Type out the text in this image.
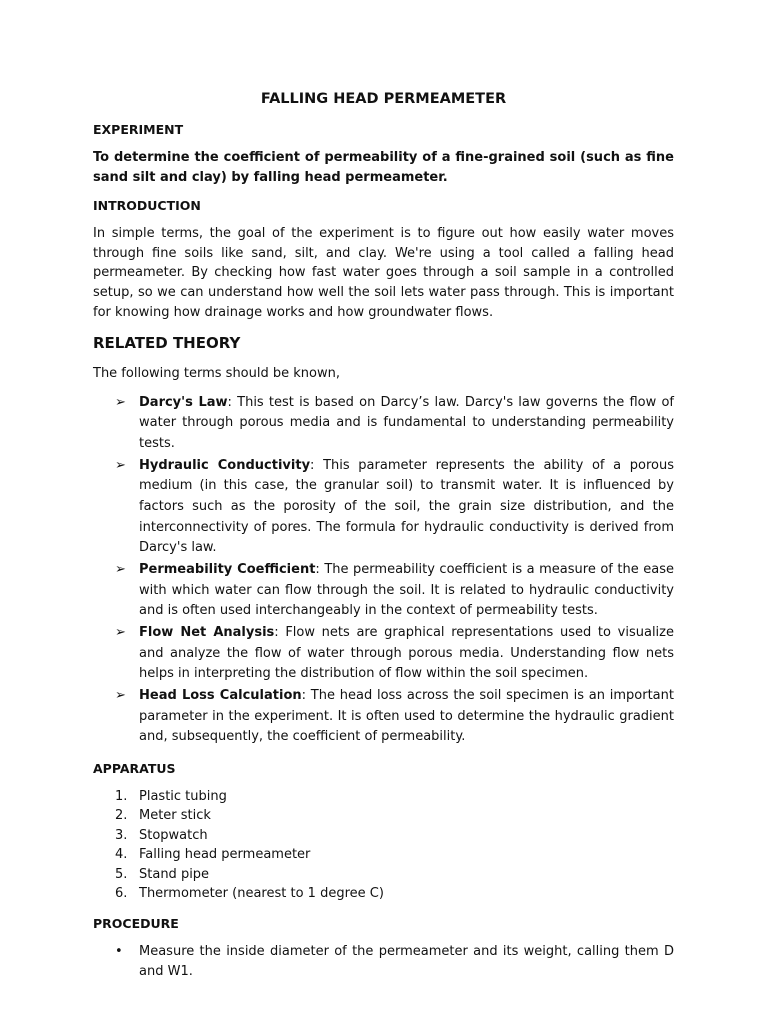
FALLING HEAD PERMEAMETER
EXPERIMENT

To determine the coefficient of permeability of a fine-grained soil (such as fine sand silt and clay) by falling head permeameter.

INTRODUCTION

In simple terms, the goal of the experiment is to figure out how easily water moves through fine soils like sand, silt, and clay. We're using a tool called a falling head permeameter. By checking how fast water goes through a soil sample in a controlled setup, so we can understand how well the soil lets water pass through. This is important for knowing how drainage works and how groundwater flows.

RELATED THEORY

The following terms should be known,

➢ Darcy's Law: This test is based on Darcy’s law. Darcy's law governs the flow of water through porous media and is fundamental to understanding permeability tests.
➢ Hydraulic Conductivity: This parameter represents the ability of a porous medium (in this case, the granular soil) to transmit water. It is influenced by factors such as the porosity of the soil, the grain size distribution, and the interconnectivity of pores. The formula for hydraulic conductivity is derived from Darcy's law.
➢ Permeability Coefficient: The permeability coefficient is a measure of the ease with which water can flow through the soil. It is related to hydraulic conductivity and is often used interchangeably in the context of permeability tests.
➢ Flow Net Analysis: Flow nets are graphical representations used to visualize and analyze the flow of water through porous media. Understanding flow nets helps in interpreting the distribution of flow within the soil specimen.
➢ Head Loss Calculation: The head loss across the soil specimen is an important parameter in the experiment. It is often used to determine the hydraulic gradient and, subsequently, the coefficient of permeability.
APPARATUS
1. Plastic tubing
2. Meter stick
3. Stopwatch
4. Falling head permeameter
5. Stand pipe
6. Thermometer (nearest to 1 degree C)
PROCEDURE
• Measure the inside diameter of the permeameter and its weight, calling them D and W1.
